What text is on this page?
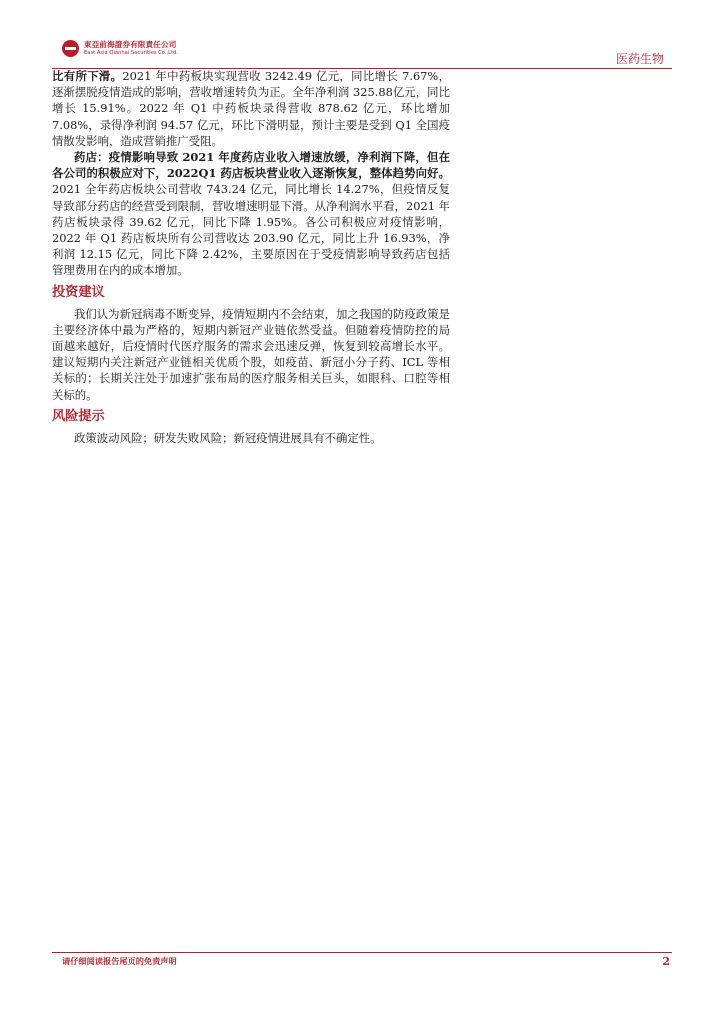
東亞前海證券有限責任公司
East Asia Qianhai Securities Co.,Ltd.	医药生物

比有所下滑。2021 年中药板块实现营收 3242.49 亿元，同比增长 7.67%，逐渐摆脱疫情造成的影响，营收增速转负为正。全年净利润 325.88亿元，同比增长 15.91%。2022 年 Q1 中药板块录得营收 878.62 亿元，环比增加 7.08%，录得净利润 94.57 亿元，环比下滑明显，预计主要是受到 Q1 全国疫情散发影响，造成营销推广受阻。

药店：疫情影响导致 2021 年度药店业收入增速放缓，净利润下降，但在各公司的积极应对下，2022Q1 药店板块营业收入逐渐恢复，整体趋势向好。2021 全年药店板块公司营收 743.24 亿元，同比增长 14.27%，但疫情反复导致部分药店的经营受到限制，营收增速明显下滑。从净利润水平看，2021 年药店板块录得 39.62 亿元，同比下降 1.95%。各公司积极应对疫情影响，2022 年 Q1 药店板块所有公司营收达 203.90 亿元，同比上升 16.93%，净利润 12.15 亿元，同比下降 2.42%，主要原因在于受疫情影响导致药店包括管理费用在内的成本增加。

投资建议

我们认为新冠病毒不断变异，疫情短期内不会结束，加之我国的防疫政策是主要经济体中最为严格的，短期内新冠产业链依然受益。但随着疫情防控的局面越来越好，后疫情时代医疗服务的需求会迅速反弹，恢复到较高增长水平。建议短期内关注新冠产业链相关优质个股，如疫苗、新冠小分子药、ICL 等相关标的；长期关注处于加速扩张布局的医疗服务相关巨头，如眼科、口腔等相关标的。

风险提示

政策波动风险；研发失败风险；新冠疫情进展具有不确定性。

请仔细阅读报告尾页的免责声明	2
